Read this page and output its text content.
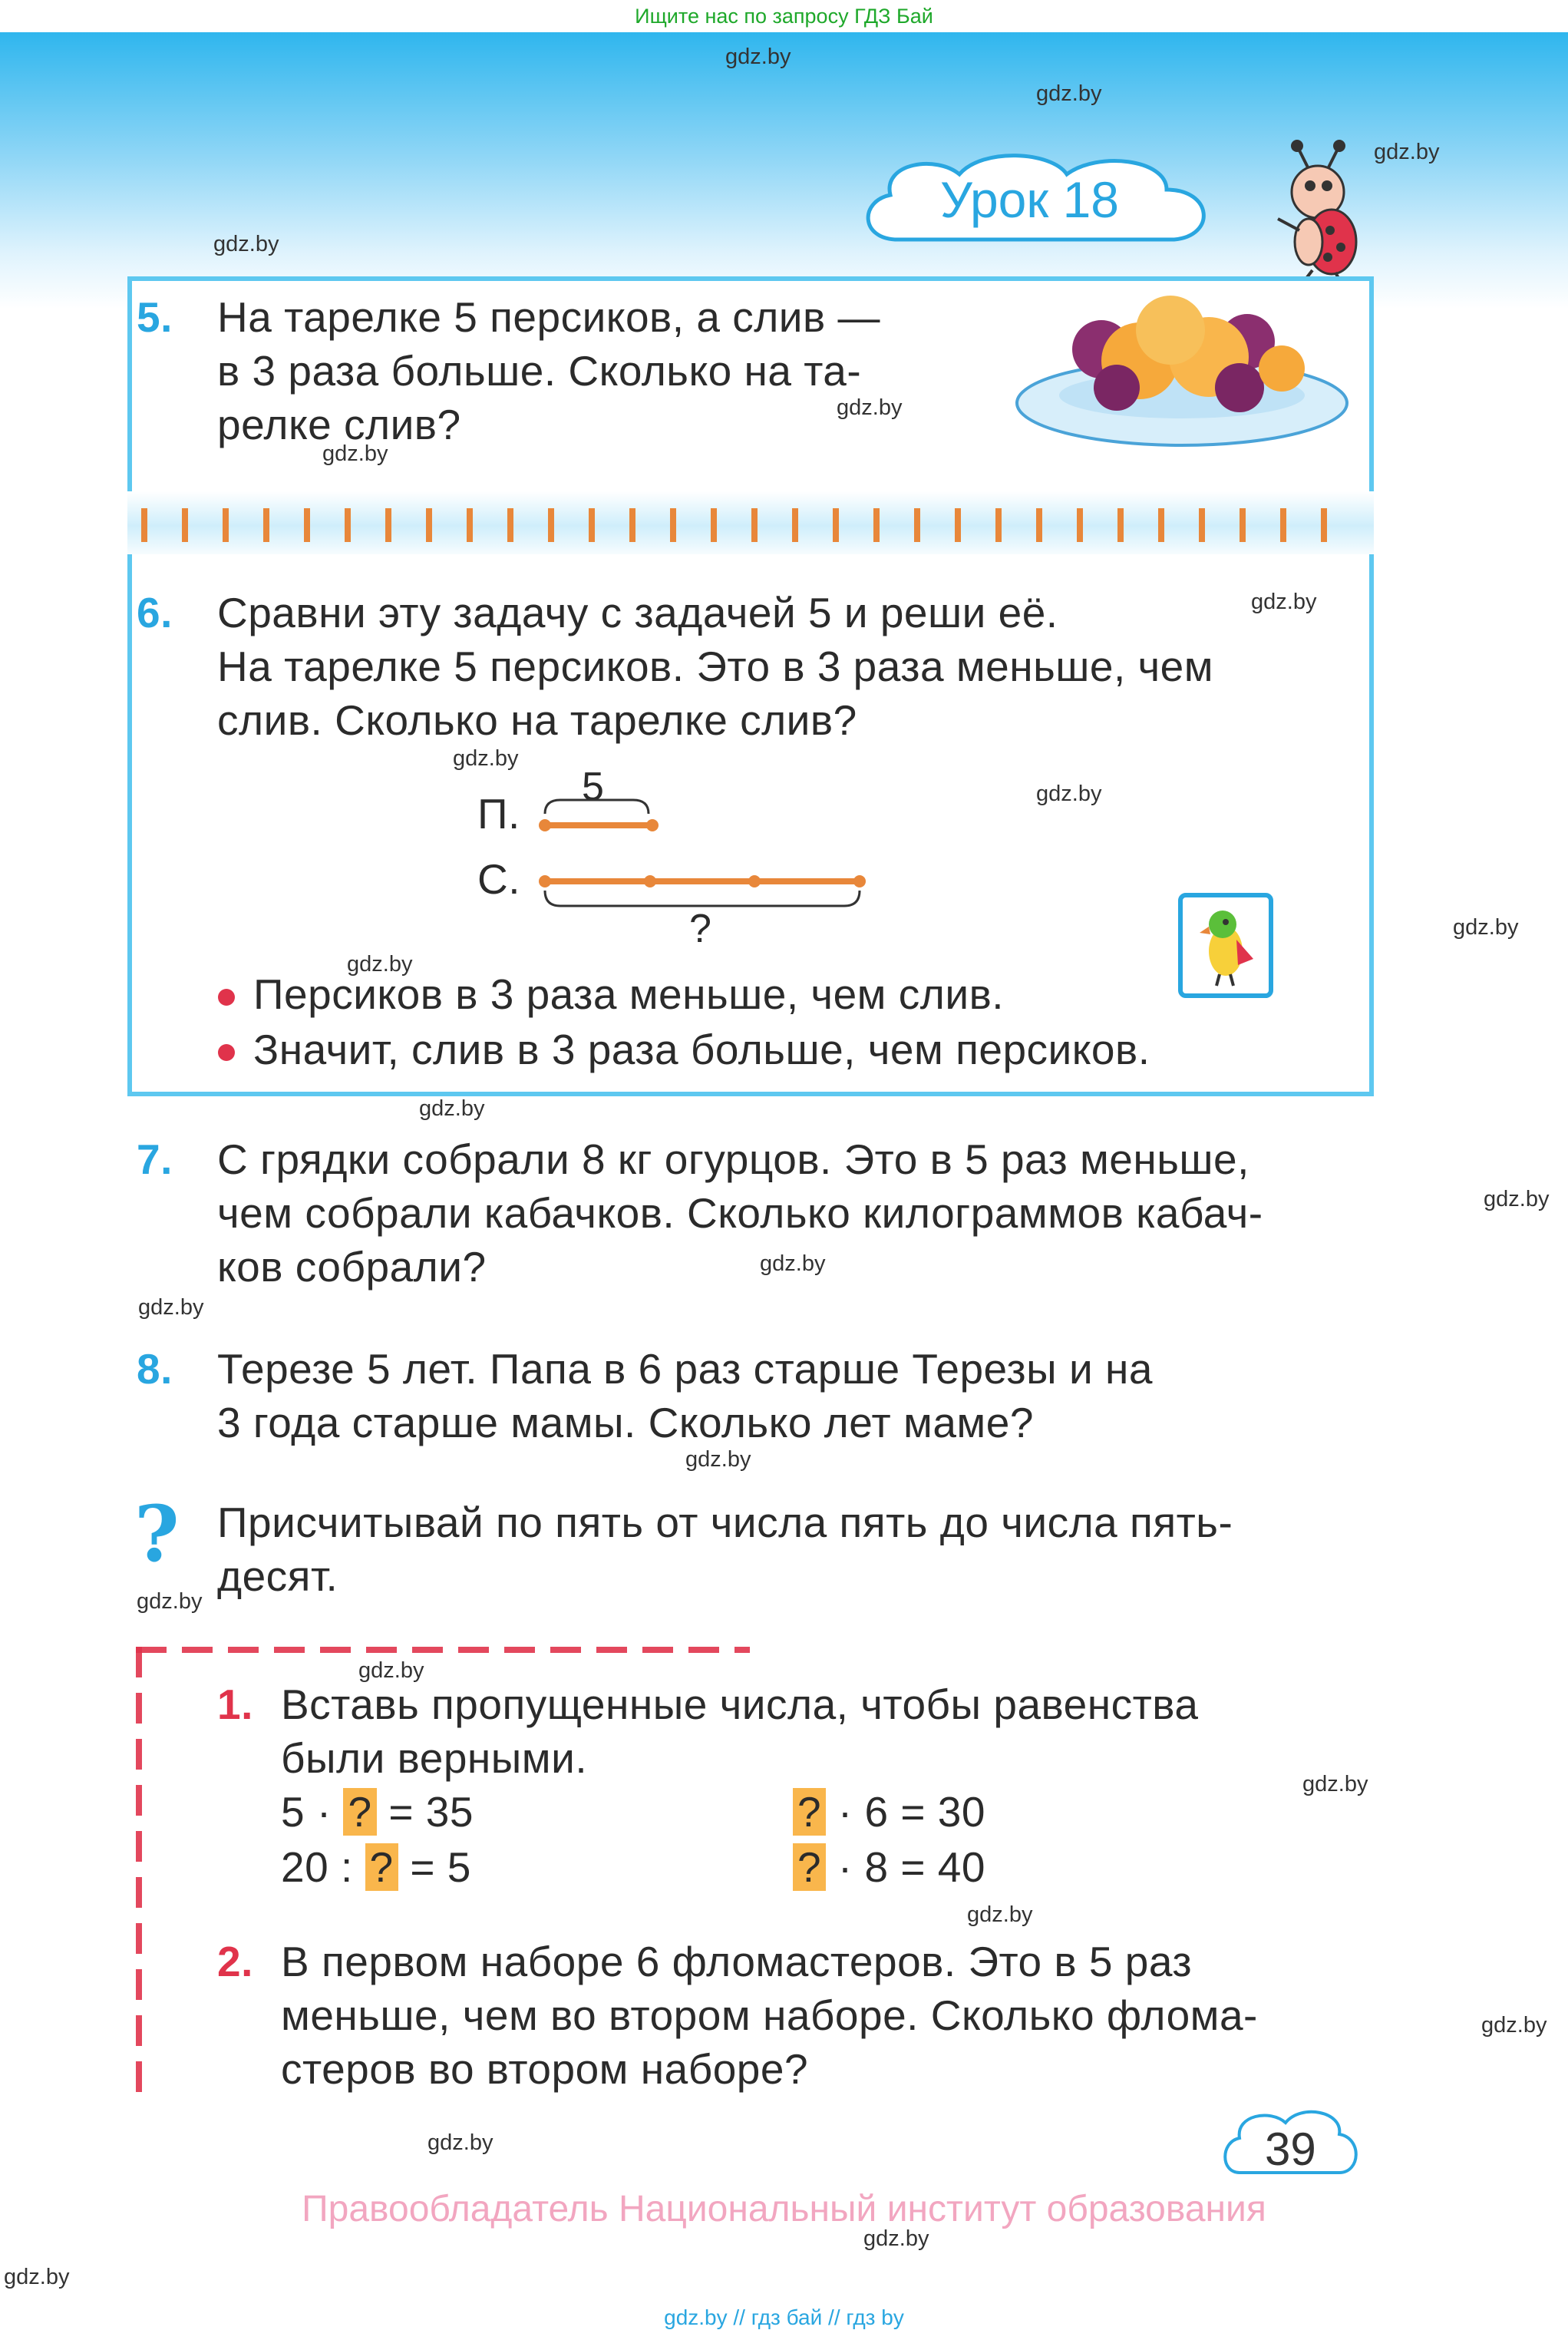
Ищите нас по запросу ГДЗ Бай
Урок 18
5. На тарелке 5 персиков, а слив —
в 3 раза больше. Сколько на та-
релке слив?
6. Сравни эту задачу с задачей 5 и реши её.
На тарелке 5 персиков. Это в 3 раза меньше, чем
слив. Сколько на тарелке слив?
П.
С.
5
?
Персиков в 3 раза меньше, чем слив.
Значит, слив в 3 раза больше, чем персиков.
7. С грядки собрали 8 кг огурцов. Это в 5 раз меньше,
чем собрали кабачков. Сколько килограммов кабач-
ков собрали?
8. Терезе 5 лет. Папа в 6 раз старше Терезы и на
3 года старше мамы. Сколько лет маме?
? Присчитывай по пять от числа пять до числа пять-
десят.
1. Вставь пропущенные числа, чтобы равенства
были верными.
5 · ? = 35	? · 6 = 30
20 : ? = 5	? · 8 = 40
2. В первом наборе 6 фломастеров. Это в 5 раз
меньше, чем во втором наборе. Сколько флома-
стеров во втором наборе?
39
Правообладатель Национальный институт образования
gdz.by // гдз бай // гдз by
gdz.by
gdz.by
gdz.by
gdz.by
gdz.by
gdz.by
gdz.by
gdz.by
gdz.by
gdz.by
gdz.by
gdz.by
gdz.by
gdz.by
gdz.by
gdz.by
gdz.by
gdz.by
gdz.by
gdz.by
gdz.by
gdz.by
gdz.by
gdz.by
